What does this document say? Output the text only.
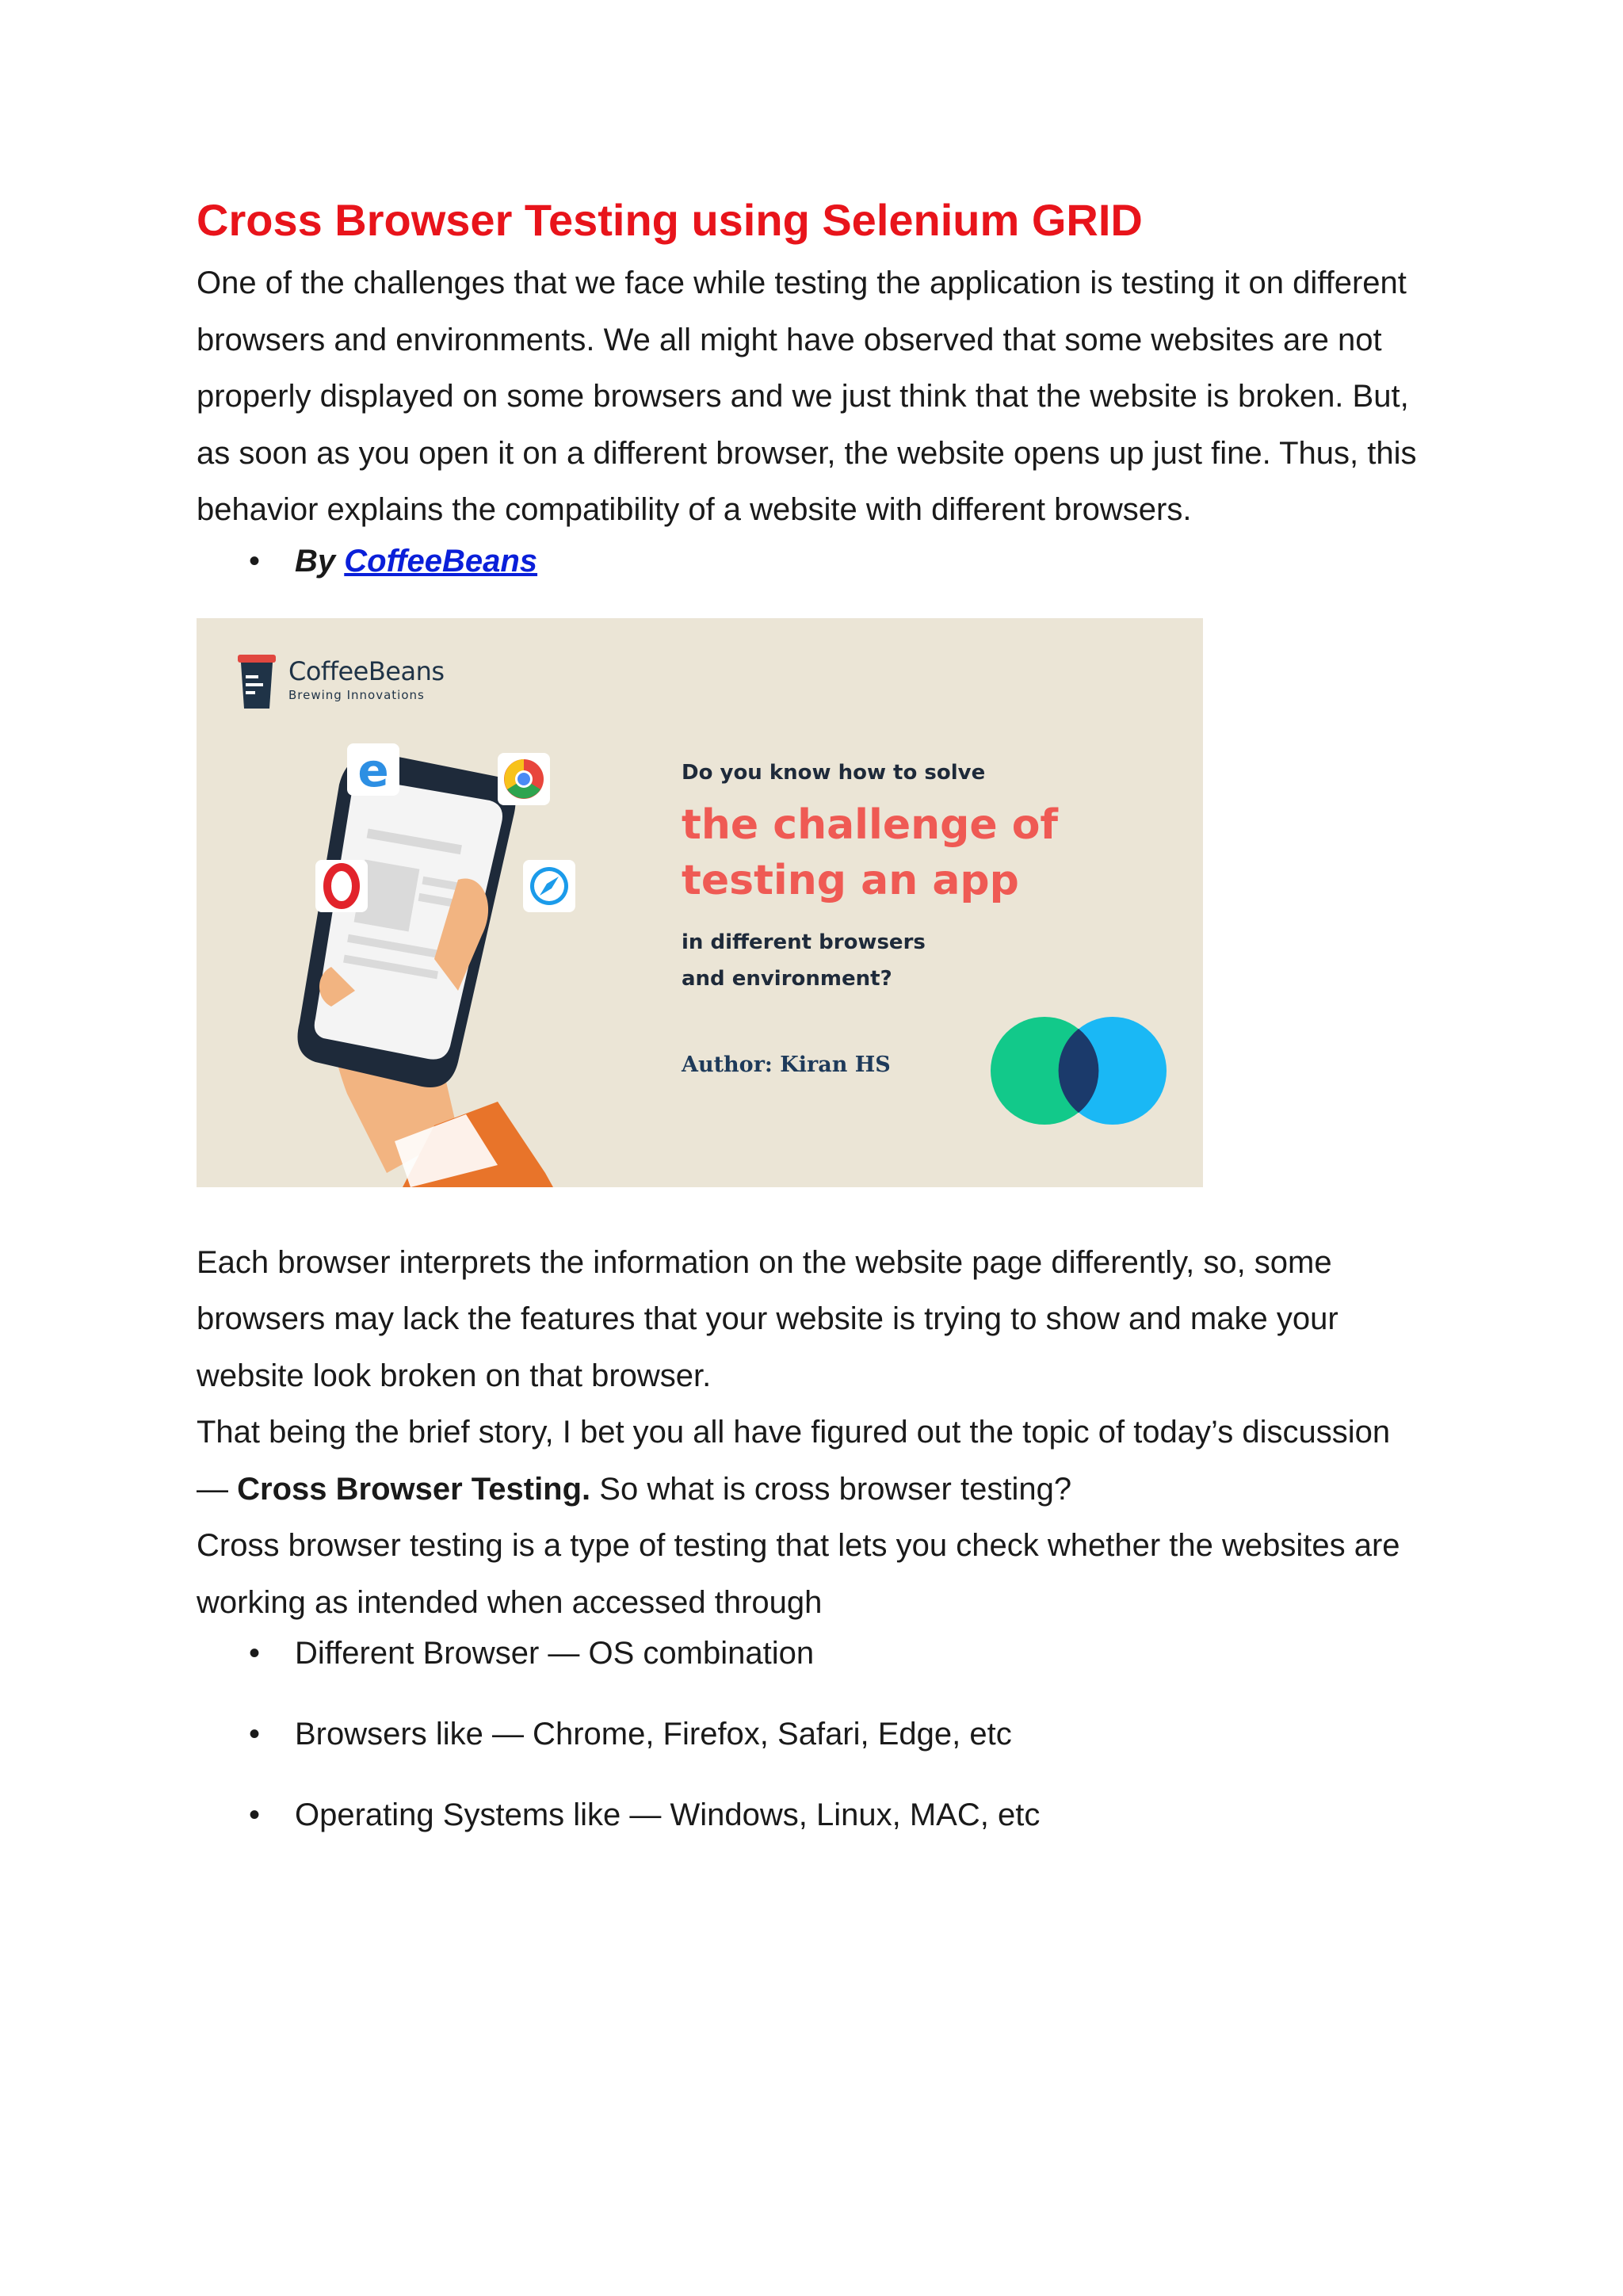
Cross Browser Testing using Selenium GRID

One of the challenges that we face while testing the application is testing it on different browsers and environments. We all might have observed that some websites are not properly displayed on some browsers and we just think that the website is broken. But, as soon as you open it on a different browser, the website opens up just fine. Thus, this behavior explains the compatibility of a website with different browsers.

• By CoffeeBeans
e
CoffeeBeans
Brewing Innovations
Do you know how to solve
the challenge of
testing an app
in different browsers
and environment?
Author: Kiran HS

Each browser interprets the information on the website page differently, so, some browsers may lack the features that your website is trying to show and make your website look broken on that browser.

That being the brief story, I bet you all have figured out the topic of today’s discussion — Cross Browser Testing. So what is cross browser testing?

Cross browser testing is a type of testing that lets you check whether the websites are working as intended when accessed through

• Different Browser — OS combination
• Browsers like — Chrome, Firefox, Safari, Edge, etc
• Operating Systems like — Windows, Linux, MAC, etc
